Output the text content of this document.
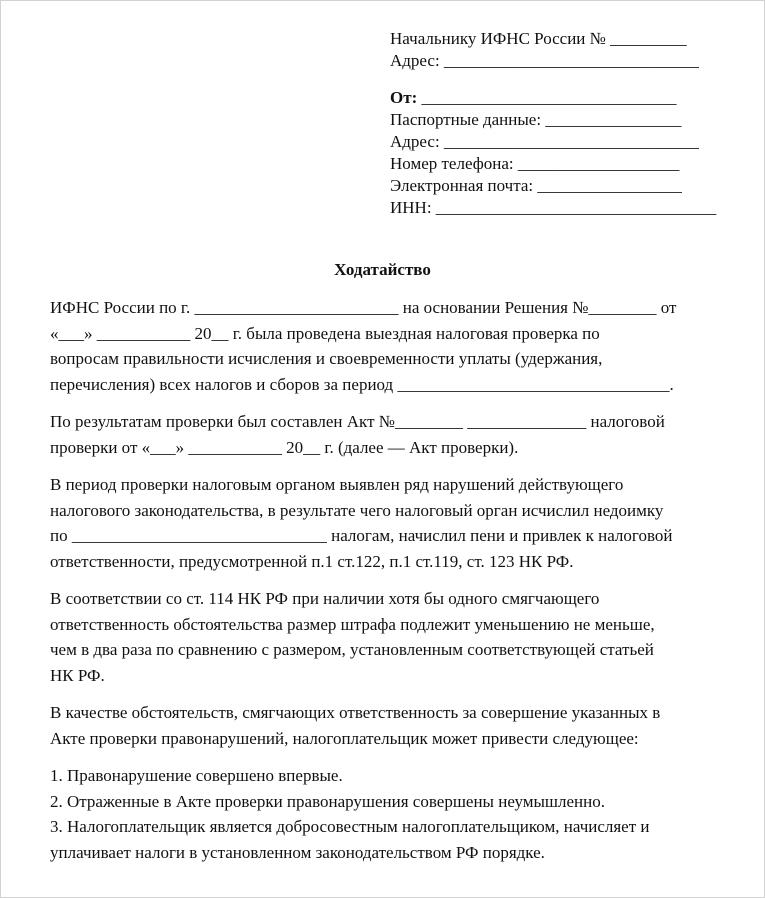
Начальнику ИФНС России № _________
Адрес: ______________________________
От: ______________________________
Паспортные данные: ________________
Адрес: ______________________________
Номер телефона: ___________________
Электронная почта: _________________
ИНН: _________________________________
Ходатайство

ИФНС России по г. ________________________ на основании Решения №________ от
«___» ___________ 20__ г. была проведена выездная налоговая проверка по
вопросам правильности исчисления и своевременности уплаты (удержания,
перечисления) всех налогов и сборов за период ________________________________.

По результатам проверки был составлен Акт №________ ______________ налоговой
проверки от «___» ___________ 20__ г. (далее — Акт проверки).

В период проверки налоговым органом выявлен ряд нарушений действующего
налогового законодательства, в результате чего налоговый орган исчислил недоимку
по ______________________________ налогам, начислил пени и привлек к налоговой
ответственности, предусмотренной п.1 ст.122, п.1 ст.119, ст. 123 НК РФ.

В соответствии со ст. 114 НК РФ при наличии хотя бы одного смягчающего
ответственность обстоятельства размер штрафа подлежит уменьшению не меньше,
чем в два раза по сравнению с размером, установленным соответствующей статьей
НК РФ.

В качестве обстоятельств, смягчающих ответственность за совершение указанных в
Акте проверки правонарушений, налогоплательщик может привести следующее:

1. Правонарушение совершено впервые.
2. Отраженные в Акте проверки правонарушения совершены неумышленно.
3. Налогоплательщик является добросовестным налогоплательщиком, начисляет и
уплачивает налоги в установленном законодательством РФ порядке.
